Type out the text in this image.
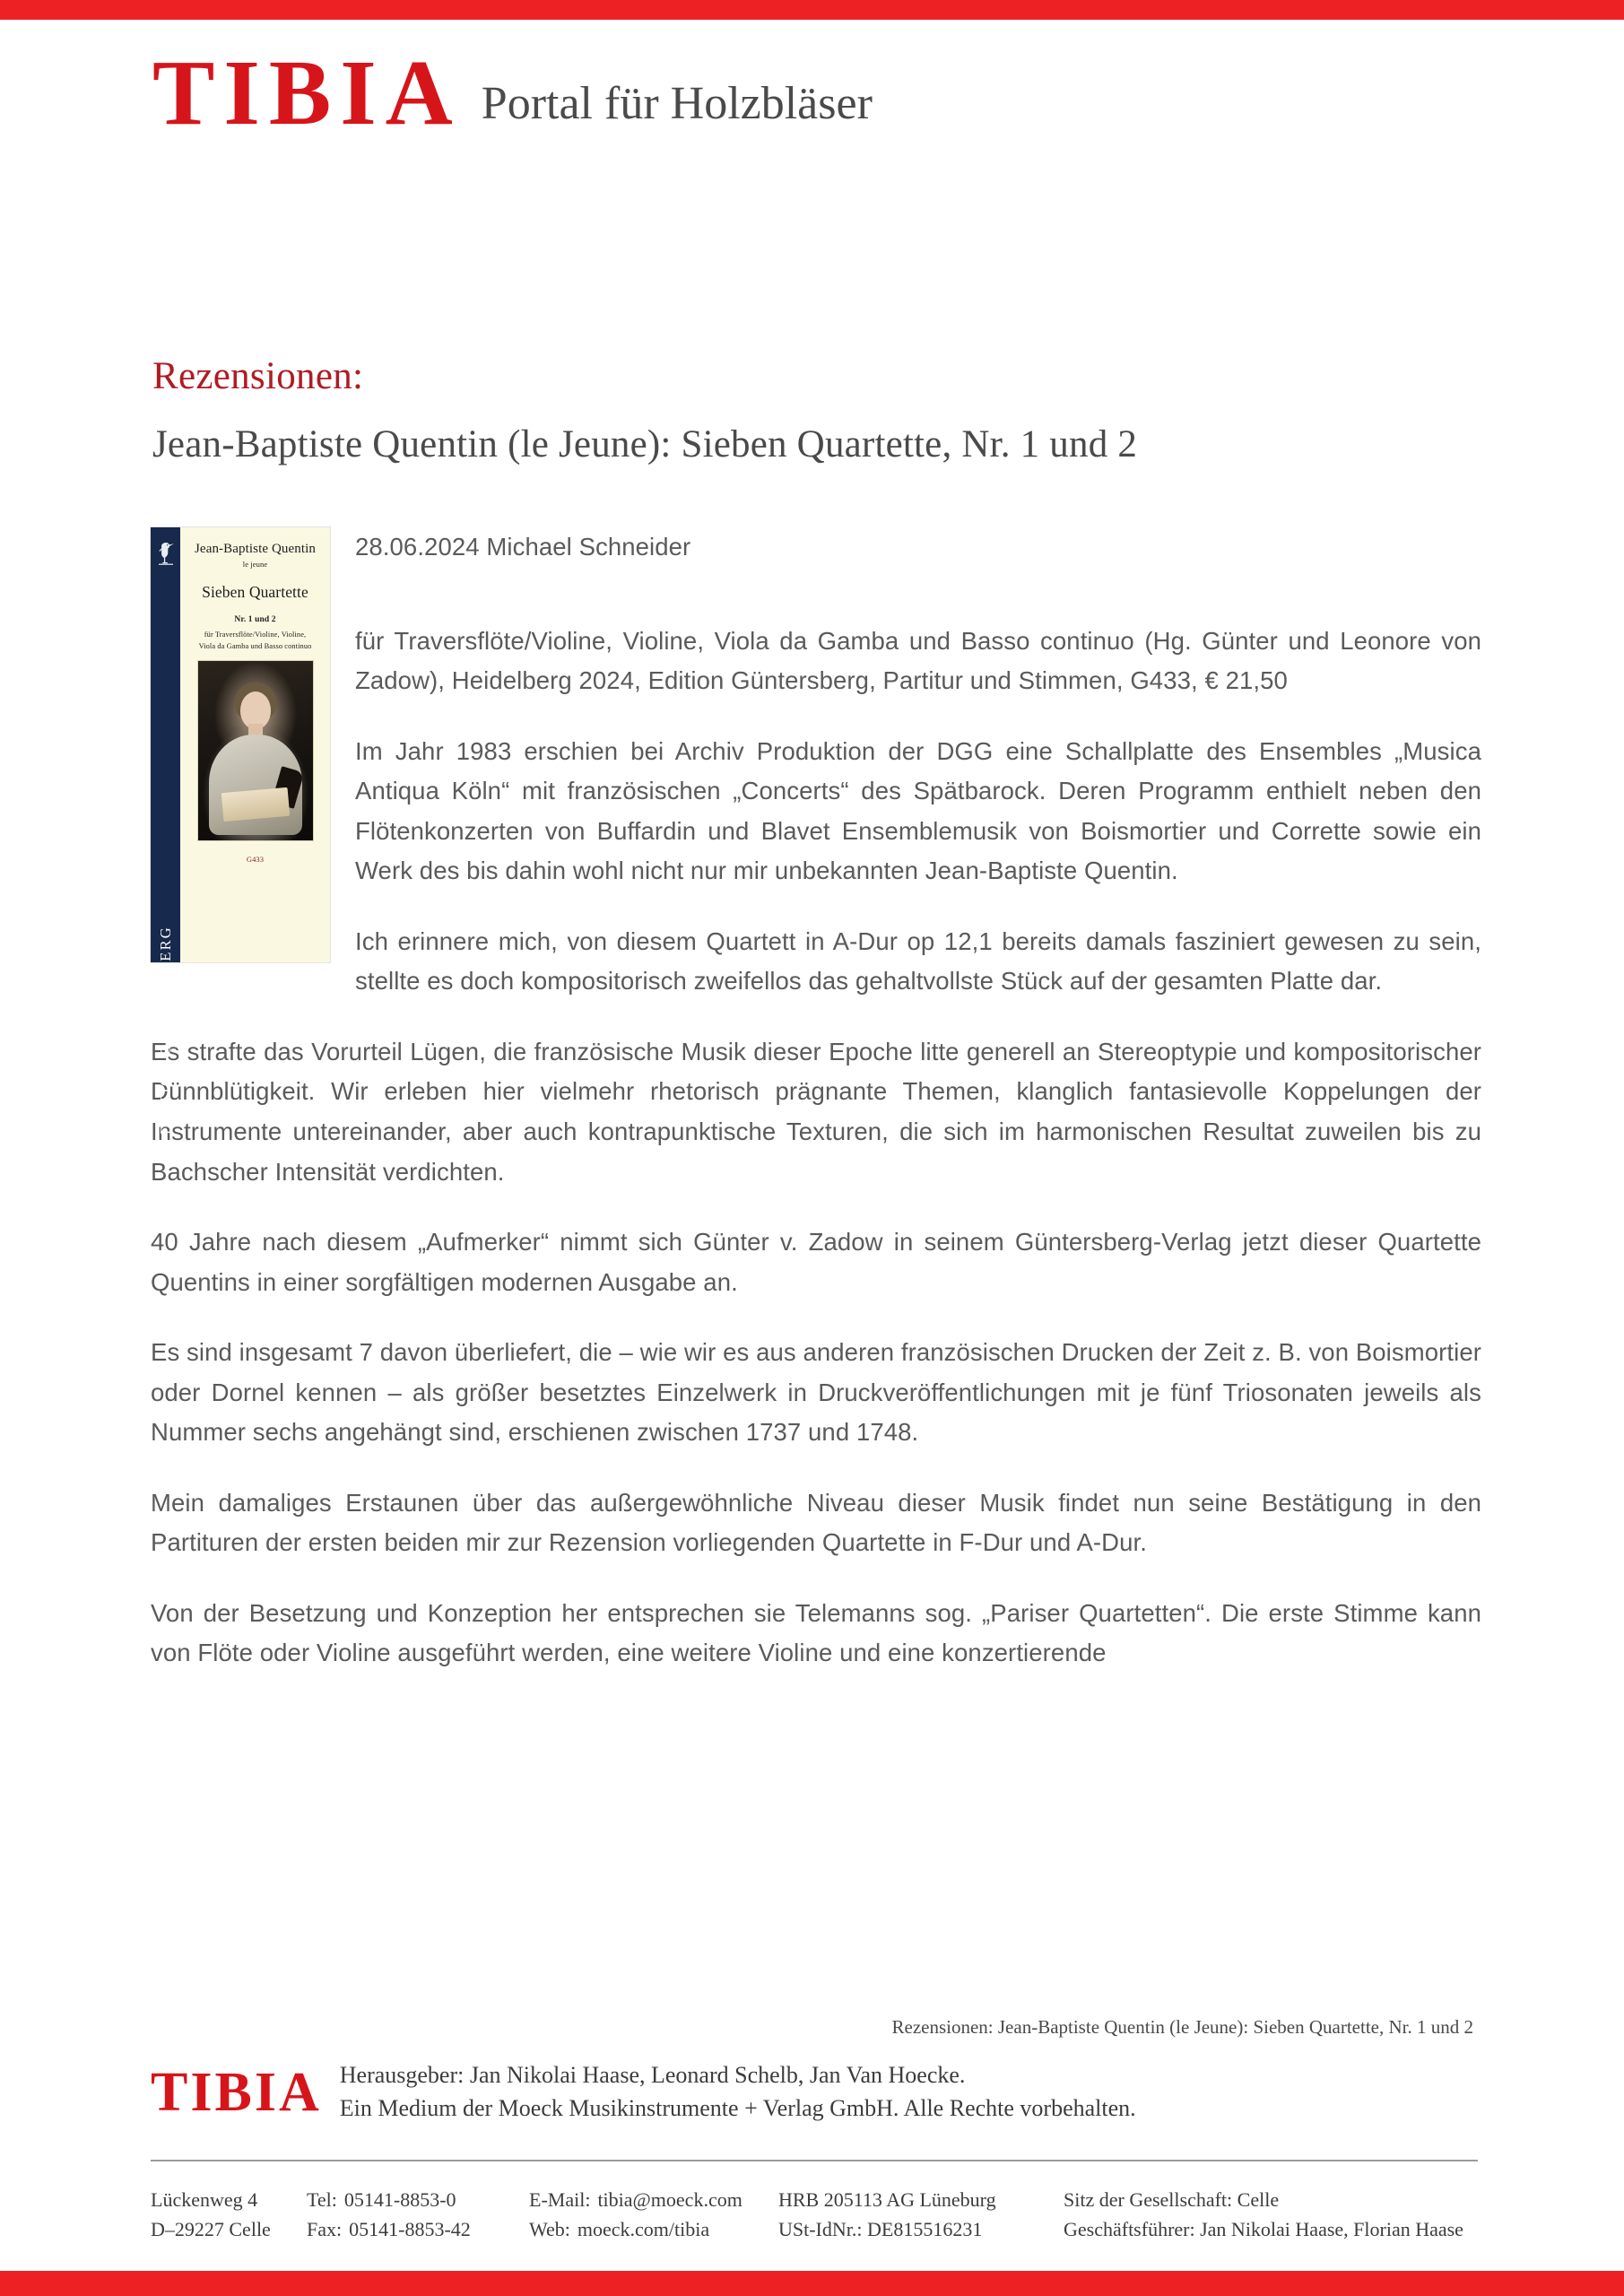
TIBIA Portal für Holzbläser
Rezensionen:
Jean-Baptiste Quentin (le Jeune): Sieben Quartette, Nr. 1 und 2
EDITION GÜNTERSBERG
Jean-Baptiste Quentin
le jeune
Sieben Quartette
Nr. 1 und 2
für Traversflöte/Violine, Violine,
Viola da Gamba und Basso continuo
G433

28.06.2024 Michael Schneider

für Traversflöte/Violine, Violine, Viola da Gamba und Basso continuo (Hg. Günter und Leonore von Zadow), Heidelberg 2024, Edition Güntersberg, Partitur und Stimmen, G433, € 21,50

Im Jahr 1983 erschien bei Archiv Produktion der DGG eine Schallplatte des Ensembles „Musica Antiqua Köln“ mit französischen „Concerts“ des Spätbarock. Deren Programm enthielt neben den Flötenkonzerten von Buffardin und Blavet Ensemblemusik von Boismortier und Corrette sowie ein Werk des bis dahin wohl nicht nur mir unbekannten Jean-Baptiste Quentin.

Ich erinnere mich, von diesem Quartett in A-Dur op 12,1 bereits damals fasziniert gewesen zu sein, stellte es doch kompositorisch zweifellos das gehaltvollste Stück auf der gesamten Platte dar.

Es strafte das Vorurteil Lügen, die französische Musik dieser Epoche litte generell an Stereoptypie und kompositorischer Dünnblütigkeit. Wir erleben hier vielmehr rhetorisch prägnante Themen, klanglich fantasievolle Koppelungen der Instrumente untereinander, aber auch kontrapunktische Texturen, die sich im harmonischen Resultat zuweilen bis zu Bachscher Intensität verdichten.

40 Jahre nach diesem „Aufmerker“ nimmt sich Günter v. Zadow in seinem Güntersberg-Verlag jetzt dieser Quartette Quentins in einer sorgfältigen modernen Ausgabe an.

Es sind insgesamt 7 davon überliefert, die – wie wir es aus anderen französischen Drucken der Zeit z. B. von Boismortier oder Dornel kennen – als größer besetztes Einzelwerk in Druckveröffentlichungen mit je fünf Triosonaten jeweils als Nummer sechs angehängt sind, erschienen zwischen 1737 und 1748.

Mein damaliges Erstaunen über das außergewöhnliche Niveau dieser Musik findet nun seine Bestätigung in den Partituren der ersten beiden mir zur Rezension vorliegenden Quartette in F-Dur und A-Dur.

Von der Besetzung und Konzeption her entsprechen sie Telemanns sog. „Pariser Quartetten“. Die erste Stimme kann von Flöte oder Violine ausgeführt werden, eine weitere Violine und eine konzertierende

Rezensionen: Jean-Baptiste Quentin (le Jeune): Sieben Quartette, Nr. 1 und 2
TIBIA Herausgeber: Jan Nikolai Haase, Leonard Schelb, Jan Van Hoecke.
Ein Medium der Moeck Musikinstrumente + Verlag GmbH. Alle Rechte vorbehalten.
Lückenweg 4
D–29227 Celle
Tel: 05141-8853-0
Fax: 05141-8853-42
E-Mail: tibia@moeck.com
Web: moeck.com/tibia
HRB 205113 AG Lüneburg
USt-IdNr.: DE815516231
Sitz der Gesellschaft: Celle
Geschäftsführer: Jan Nikolai Haase, Florian Haase
